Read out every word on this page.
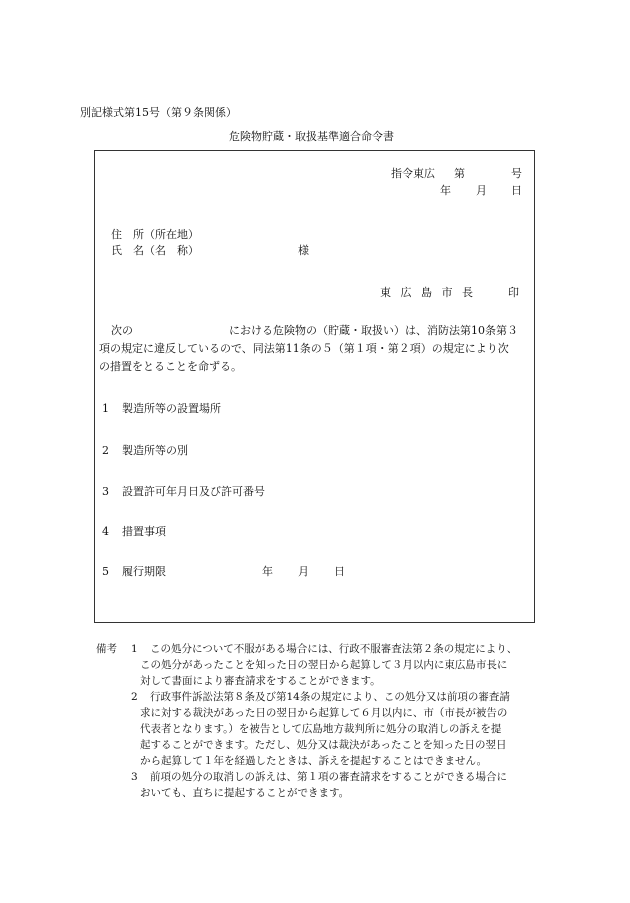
別記様式第15号（第９条関係）
危険物貯蔵・取扱基準適合命令書
指令東広 第	号
年 月 日
住　所（所在地）
氏　名（名　称）	様
東 広 島 市 長	印
次の	における危険物の（貯蔵・取扱い）は、消防法第10条第３
項の規定に違反しているので、同法第11条の５（第１項・第２項）の規定により次
の措置をとることを命ずる。
1 製造所等の設置場所
2 製造所等の別
3 設置許可年月日及び許可番号
4 措置事項
5 履行期限	年 月 日
備考 1 この処分について不服がある場合には、行政不服審査法第２条の規定により、
この処分があったことを知った日の翌日から起算して３月以内に東広島市長に
対して書面により審査請求をすることができます。
2 行政事件訴訟法第８条及び第14条の規定により、この処分又は前項の審査請
求に対する裁決があった日の翌日から起算して６月以内に、市（市長が被告の
代表者となります。）を被告として広島地方裁判所に処分の取消しの訴えを提
起することができます。ただし、処分又は裁決があったことを知った日の翌日
から起算して１年を経過したときは、訴えを提起することはできません。
3 前項の処分の取消しの訴えは、第１項の審査請求をすることができる場合に
おいても、直ちに提起することができます。
